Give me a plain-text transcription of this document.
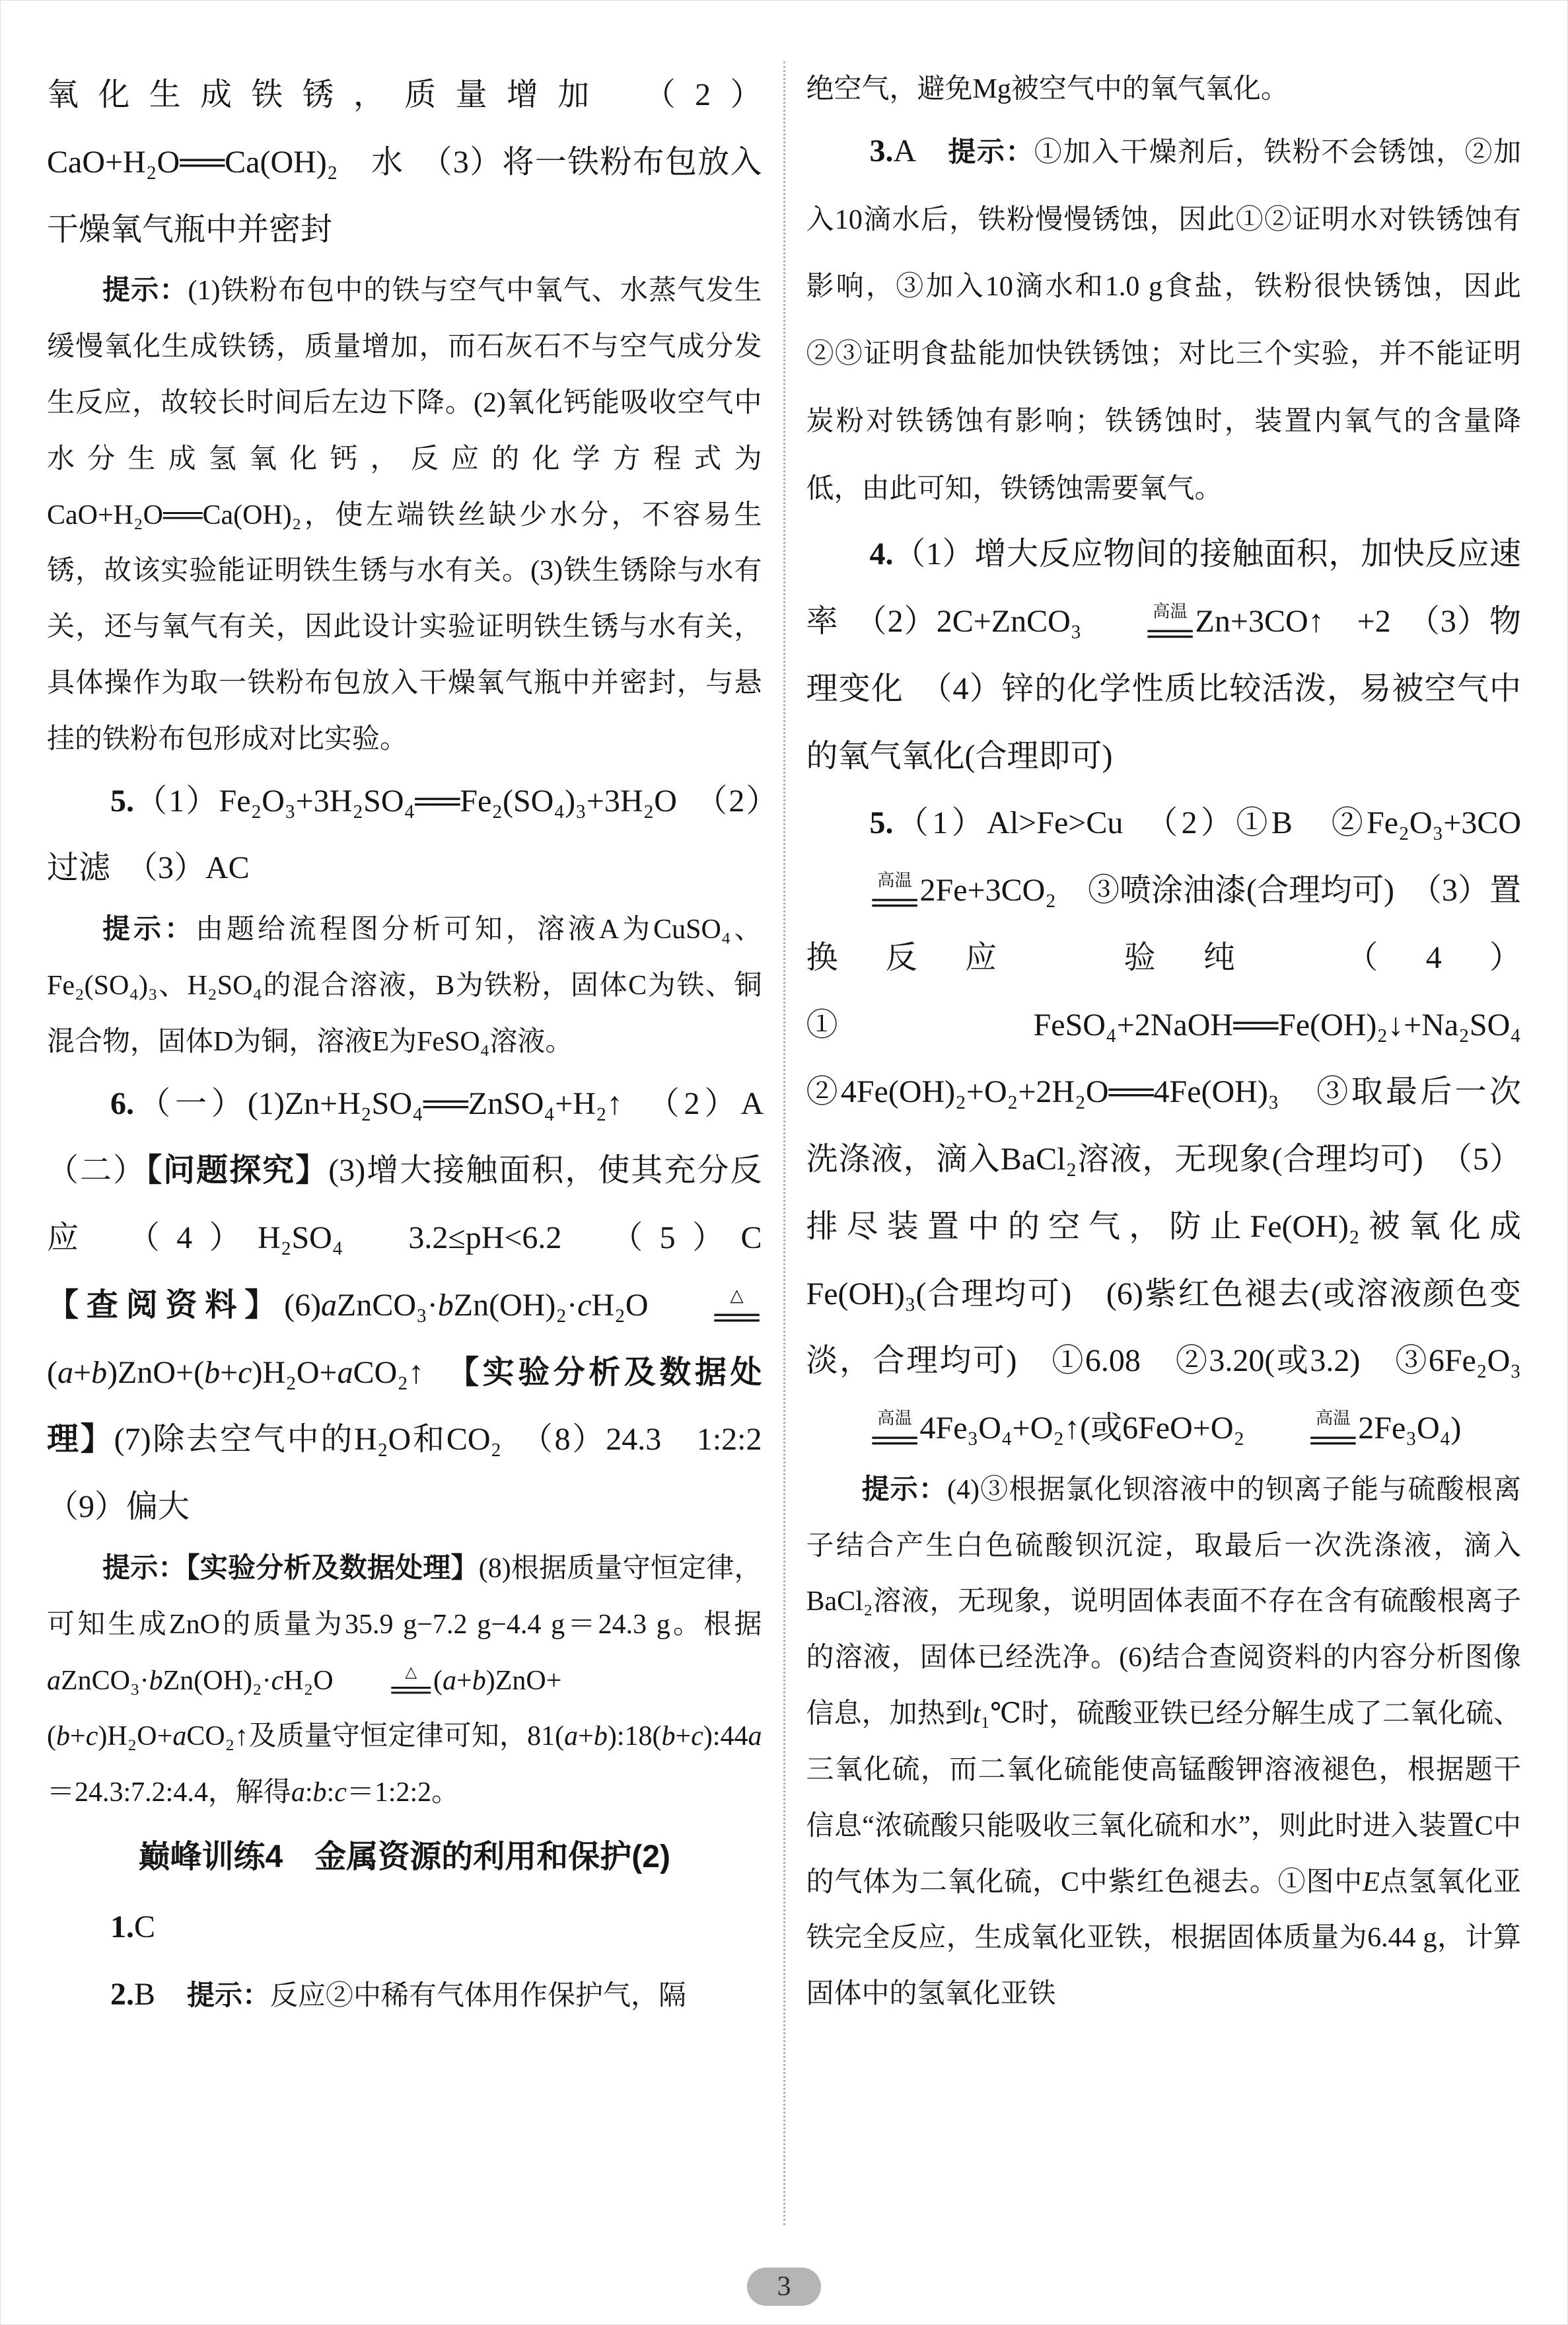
氧化生成铁锈，质量增加　（2）CaO+H₂O══Ca(OH)₂　水　（3）将一铁粉布包放入干燥氧气瓶中并密封

提示：(1)铁粉布包中的铁与空气中氧气、水蒸气发生缓慢氧化生成铁锈，质量增加，而石灰石不与空气成分发生反应，故较长时间后左边下降。(2)氧化钙能吸收空气中水分生成氢氧化钙，反应的化学方程式为CaO+H₂O══Ca(OH)₂，使左端铁丝缺少水分，不容易生锈，故该实验能证明铁生锈与水有关。(3)铁生锈除与水有关，还与氧气有关，因此设计实验证明铁生锈与水有关，具体操作为取一铁粉布包放入干燥氧气瓶中并密封，与悬挂的铁粉布包形成对比实验。

5.（1）Fe₂O₃+3H₂SO₄══Fe₂(SO₄)₃+3H₂O　（2）过滤　（3）AC

提示：由题给流程图分析可知，溶液A为CuSO₄、Fe₂(SO₄)₃、H₂SO₄的混合溶液，B为铁粉，固体C为铁、铜混合物，固体D为铜，溶液E为FeSO₄溶液。

6.（一）(1)Zn+H₂SO₄══ZnSO₄+H₂↑　（2）A　（二）【问题探究】(3)增大接触面积，使其充分反应　（4）H₂SO₄　3.2≤pH<6.2　（5）C　【查阅资料】(6)aZnCO₃·bZn(OH)₂·cH₂O	△
══
(a+b)ZnO+(b+c)H₂O+aCO₂↑　【实验分析及数据处理】(7)除去空气中的H₂O和CO₂　（8）24.3　1:2:2　（9）偏大

提示：【实验分析及数据处理】(8)根据质量守恒定律，可知生成ZnO的质量为35.9 g−7.2 g−4.4 g＝24.3 g。根据aZnCO₃·bZn(OH)₂·cH₂O	△
══ (a+b)ZnO+(b+c)H₂O+aCO₂↑及质量守恒定律可知，81(a+b):18(b+c):44a＝24.3:7.2:4.4，解得a:b:c＝1:2:2。

巅峰训练4　金属资源的利用和保护(2)

1.C

2.B　提示：反应②中稀有气体用作保护气，隔

绝空气，避免Mg被空气中的氧气氧化。

3.A　提示：①加入干燥剂后，铁粉不会锈蚀，②加入10滴水后，铁粉慢慢锈蚀，因此①②证明水对铁锈蚀有影响，③加入10滴水和1.0 g食盐，铁粉很快锈蚀，因此②③证明食盐能加快铁锈蚀；对比三个实验，并不能证明炭粉对铁锈蚀有影响；铁锈蚀时，装置内氧气的含量降低，由此可知，铁锈蚀需要氧气。

4.（1）增大反应物间的接触面积，加快反应速率　（2）2C+ZnCO₃	高温
══ Zn+3CO↑　+2　（3）物理变化　（4）锌的化学性质比较活泼，易被空气中的氧气氧化(合理即可)

5.（1）Al>Fe>Cu　（2）①B　②Fe₂O₃+3CO
高温
══ 2Fe+3CO₂　③喷涂油漆(合理均可)　（3）置换反应　验纯　（4）①FeSO₄+2NaOH══Fe(OH)₂↓+Na₂SO₄　②4Fe(OH)₂+O₂+2H₂O══4Fe(OH)₃　③取最后一次洗涤液，滴入BaCl₂溶液，无现象(合理均可)　（5）排尽装置中的空气，防止Fe(OH)₂被氧化成Fe(OH)₃(合理均可)　(6)紫红色褪去(或溶液颜色变淡，合理均可)　①6.08　②3.20(或3.2)　③6Fe₂O₃
高温
══ 4Fe₃O₄+O₂↑(或6FeO+O₂	高温
══ 2Fe₃O₄)

提示：(4)③根据氯化钡溶液中的钡离子能与硫酸根离子结合产生白色硫酸钡沉淀，取最后一次洗涤液，滴入BaCl₂溶液，无现象，说明固体表面不存在含有硫酸根离子的溶液，固体已经洗净。(6)结合查阅资料的内容分析图像信息，加热到t₁℃时，硫酸亚铁已经分解生成了二氧化硫、三氧化硫，而二氧化硫能使高锰酸钾溶液褪色，根据题干信息“浓硫酸只能吸收三氧化硫和水”，则此时进入装置C中的气体为二氧化硫，C中紫红色褪去。①图中E点氢氧化亚铁完全反应，生成氧化亚铁，根据固体质量为6.44 g，计算固体中的氢氧化亚铁

3
